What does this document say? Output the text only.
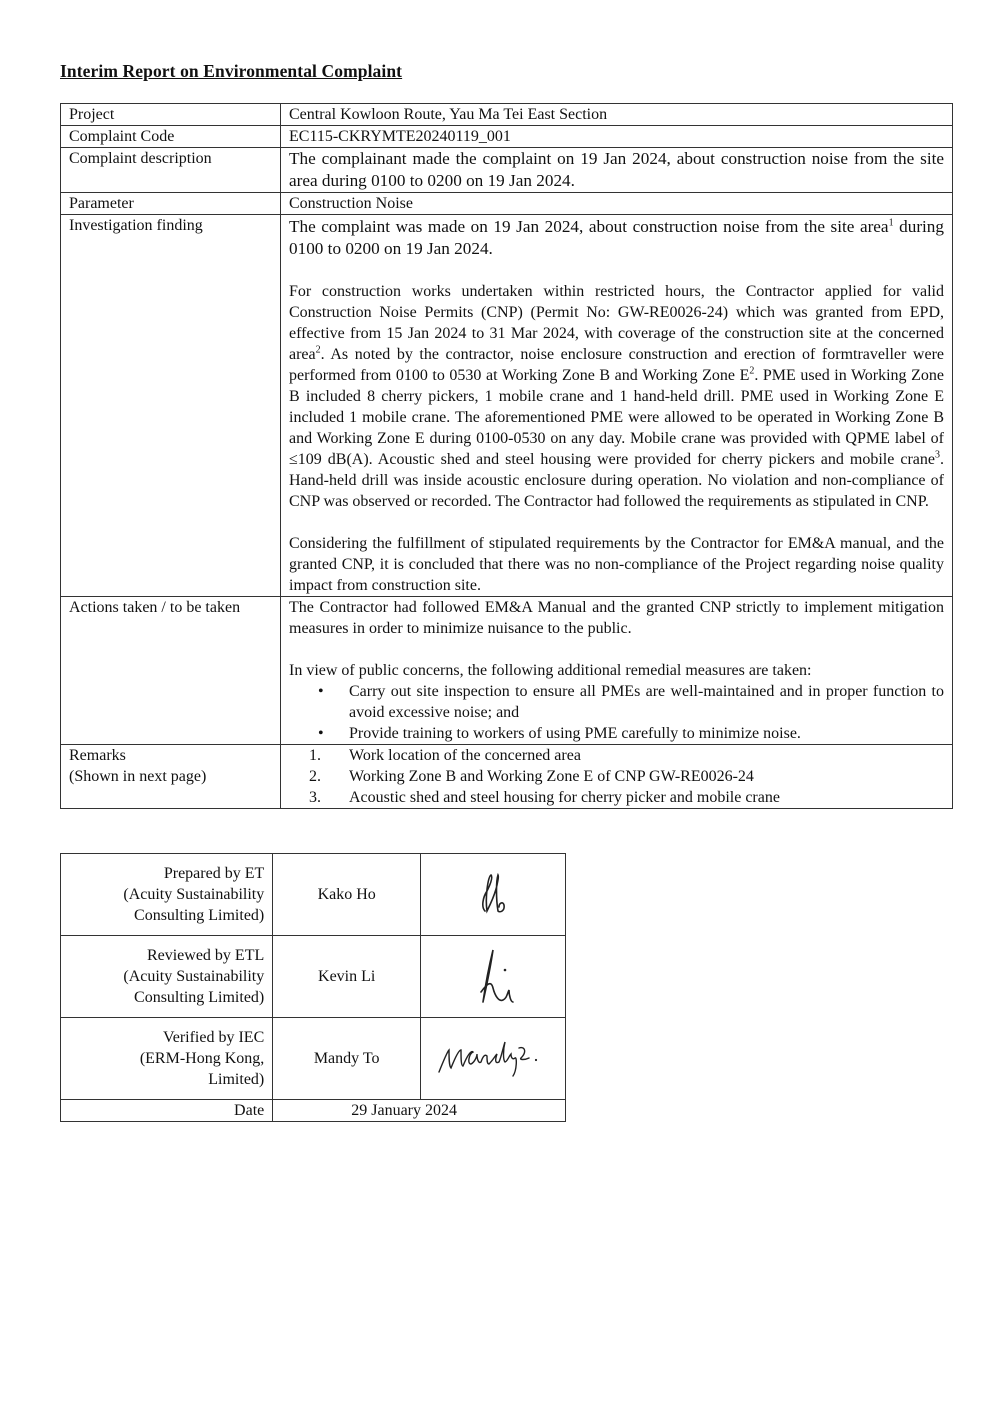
Interim Report on Environmental Complaint
Project	Central Kowloon Route, Yau Ma Tei East Section
Complaint Code	EC115-CKRYMTE20240119_001
Complaint description	The complainant made the complaint on 19 Jan 2024, about construction noise from the site area during 0100 to 0200 on 19 Jan 2024.
Parameter	Construction Noise
Investigation finding	The complaint was made on 19 Jan 2024, about construction noise from the site area$^1$ during 0100 to 0200 on 19 Jan 2024.
For construction works undertaken within restricted hours, the Contractor applied for valid Construction Noise Permits (CNP) (Permit No: GW-RE0026-24) which was granted from EPD, effective from 15 Jan 2024 to 31 Mar 2024, with coverage of the construction site at the concerned area$^2$. As noted by the contractor, noise enclosure construction and erection of formtraveller were performed from 0100 to 0530 at Working Zone B and Working Zone $E^2$. PME used in Working Zone B included 8 cherry pickers, 1 mobile crane and 1 hand-held drill. PME used in Working Zone E included 1 mobile crane. The aforementioned PME were allowed to be operated in Working Zone B and Working Zone E during 0100-0530 on any day. Mobile crane was provided with QPME label of ≤109 dB(A). Acoustic shed and steel housing were provided for cherry pickers and mobile crane$^3$. Hand-held drill was inside acoustic enclosure during operation. No violation and non-compliance of CNP was observed or recorded. The Contractor had followed the requirements as stipulated in CNP.
Considering the fulfillment of stipulated requirements by the Contractor for EM&A manual, and the granted CNP, it is concluded that there was no non-compliance of the Project regarding noise quality impact from construction site.

Actions taken / to be taken	The Contractor had followed EM&A Manual and the granted CNP strictly to implement mitigation measures in order to minimize nuisance to the public.
In view of public concerns, the following additional remedial measures are taken:
• Carry out site inspection to ensure all PMEs are well-maintained and in proper function to avoid excessive noise; and
• Provide training to workers of using PME carefully to minimize noise.

Remarks
(Shown in next page)

1. Work location of the concerned area
2. Working Zone B and Working Zone E of CNP GW-RE0026-24
3. Acoustic shed and steel housing for cherry picker and mobile crane
Prepared by ET
(Acuity Sustainability
Consulting Limited)	Kako Ho	

Reviewed by ETL
(Acuity Sustainability
Consulting Limited)	Kevin Li	

Verified by IEC
(ERM-Hong Kong,
Limited)	Mandy To	

Date	29 January 2024	
